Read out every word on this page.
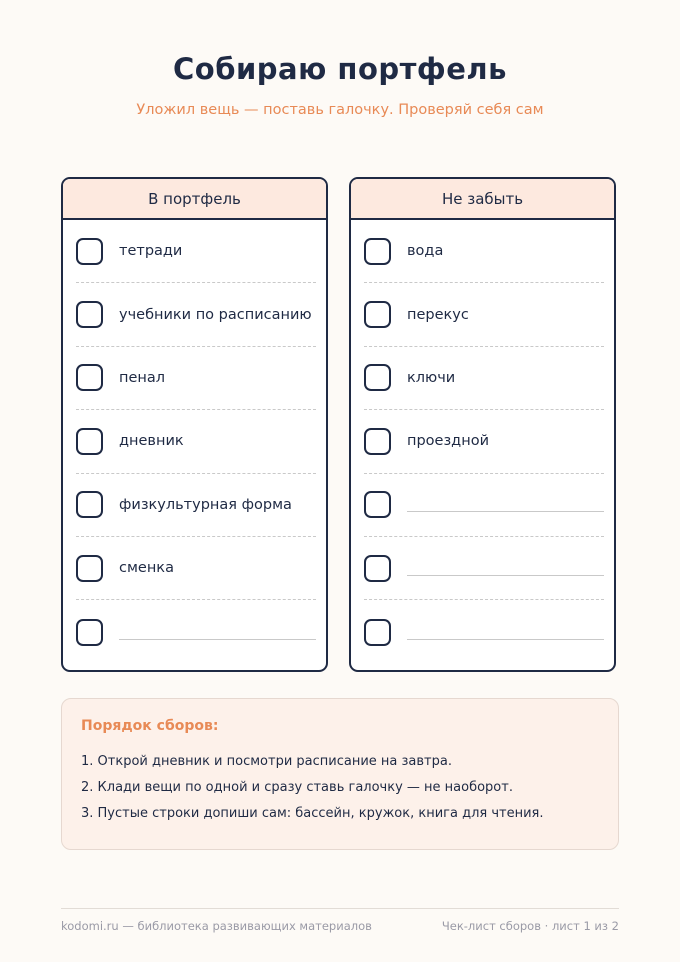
Собираю портфель
Уложил вещь — поставь галочку. Проверяй себя сам
В портфель
тетради
учебники по расписанию
пенал
дневник
физкультурная форма
сменка
Не забыть
вода
перекус
ключи
проездной
Порядок сборов:
1. Открой дневник и посмотри расписание на завтра.
2. Клади вещи по одной и сразу ставь галочку — не наоборот.
3. Пустые строки допиши сам: бассейн, кружок, книга для чтения.
kodomi.ru — библиотека развивающих материалов	Чек-лист сборов · лист 1 из 2
